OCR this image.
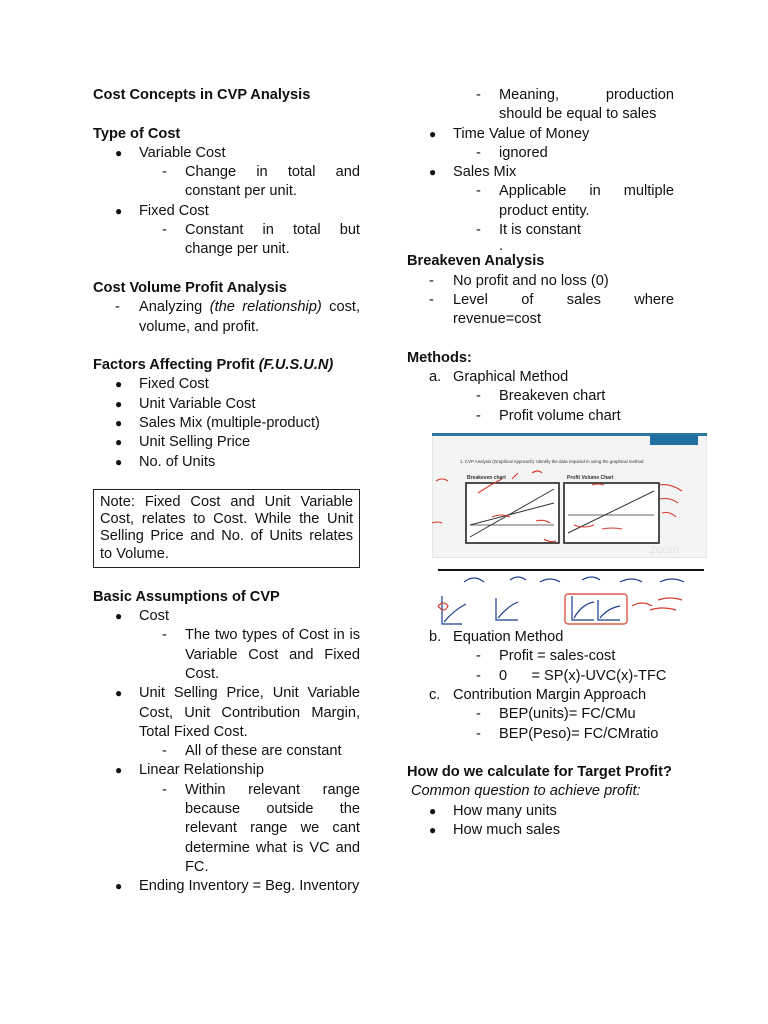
Cost Concepts in CVP Analysis

Type of Cost

●	Variable Cost
-	Change in total and constant per unit.
●	Fixed Cost
-	Constant in total but change per unit.

Cost Volume Profit Analysis

-	Analyzing (the relationship) cost, volume, and profit.

Factors Affecting Profit (F.U.S.U.N)

●	Fixed Cost
●	Unit Variable Cost
●	Sales Mix (multiple-product)
●	Unit Selling Price
●	No. of Units
Note: Fixed Cost and Unit Variable Cost, relates to Cost. While the Unit Selling Price and No. of Units relates to Volume.

Basic Assumptions of CVP

●	Cost
-	The two types of Cost in is Variable Cost and Fixed Cost.
●	Unit Selling Price, Unit Variable Cost, Unit Contribution Margin, Total Fixed Cost.
-	All of these are constant
●	Linear Relationship
-	Within relevant range because outside the relevant range we cant determine what is VC and FC.
●	Ending Inventory = Beg. Inventory
-	Meaning, production should be equal to sales
●	Time Value of Money
-	ignored
●	Sales Mix
-	Applicable in multiple product entity.
-	It is constant
.

Breakeven Analysis

-	No profit and no loss (0)
-	Level of sales where revenue=cost

Methods:

a. Graphical Method
-	Breakeven chart
-	Profit volume chart
b. Equation Method
-	Profit = sales-cost
-	0      = SP(x)-UVC(x)-TFC
c. Contribution Margin Approach
-	BEP(units)= FC/CMu
-	BEP(Peso)= FC/CMratio

How do we calculate for Target Profit?

Common question to achieve profit:

●	How many units
●	How much sales
1. CVP Analysis (Graphical Approach): Identify the data required in using the graphical method
Breakeven chart	Profit Volume Chart
zoom
